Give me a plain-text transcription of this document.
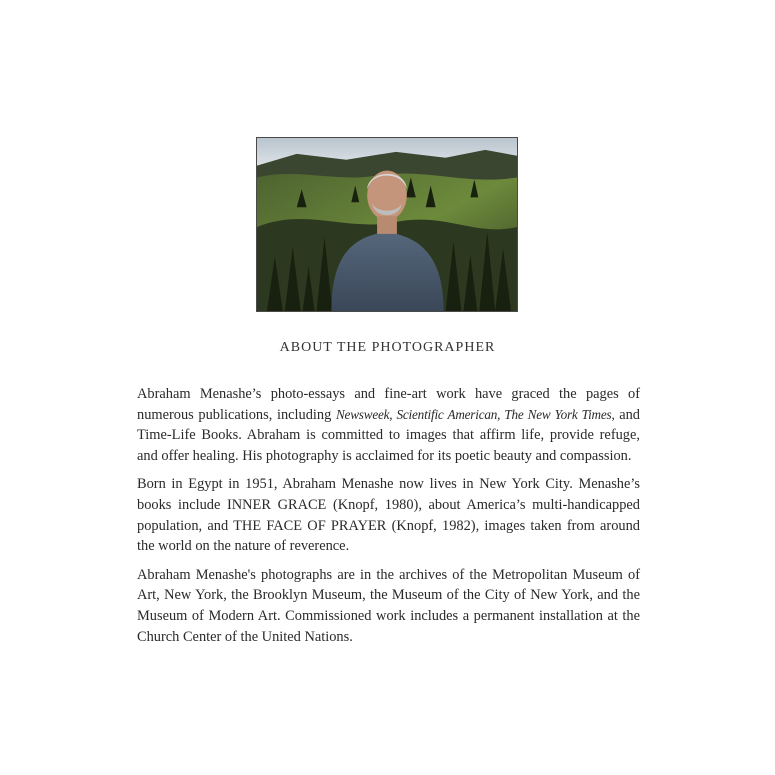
ABOUT THE PHOTOGRAPHER

Abraham Menashe’s photo-essays and fine-art work have graced the pages of numerous publications, including Newsweek, Scientific American, The New York Times, and Time-Life Books. Abraham is committed to images that affirm life, provide refuge, and offer healing. His photography is acclaimed for its poetic beauty and compassion.

Born in Egypt in 1951, Abraham Menashe now lives in New York City. Menashe’s books include INNER GRACE (Knopf, 1980), about America’s multi-handicapped population, and THE FACE OF PRAYER (Knopf, 1982), images taken from around the world on the nature of reverence.

Abraham Menashe's photographs are in the archives of the Metropolitan Museum of Art, New York, the Brooklyn Museum, the Museum of the City of New York, and the Museum of Modern Art. Commissioned work includes a permanent installation at the Church Center of the United Nations.
